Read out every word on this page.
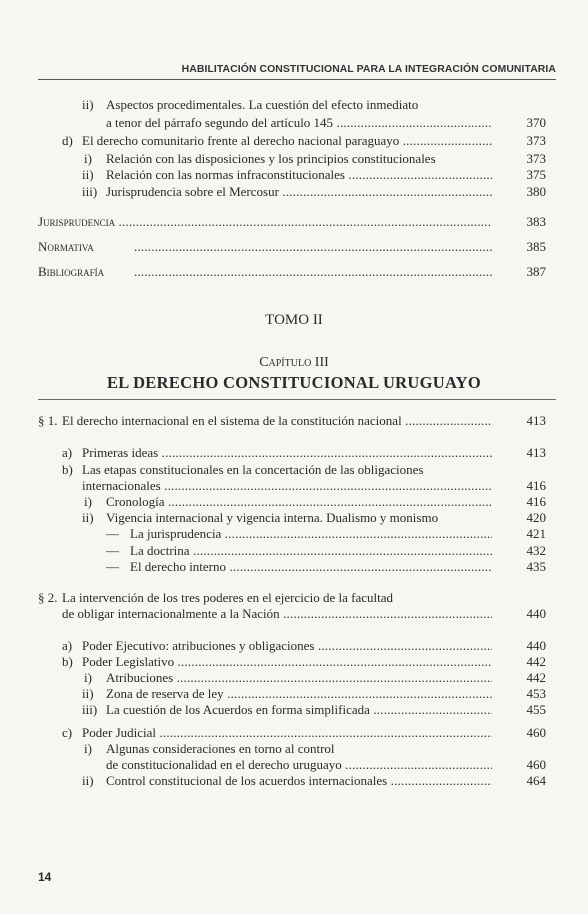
HABILITACIÓN CONSTITUCIONAL PARA LA INTEGRACIÓN COMUNITARIA
ii) Aspectos procedimentales. La cuestión del efecto inmediato
a tenor del párrafo segundo del artículo 145 .....	370
d) El derecho comunitario frente al derecho nacional paraguayo .....	373
i) Relación con las disposiciones y los principios constitucionales	373
ii) Relación con las normas infraconstitucionales .....	375
iii) Jurisprudencia sobre el Mercosur .....	380
Jurisprudencia .....	383
Normativa .....	385
Bibliografía .....	387
TOMO II
Capítulo III
EL DERECHO CONSTITUCIONAL URUGUAYO
§ 1. El derecho internacional en el sistema de la constitución nacional .....	413
a) Primeras ideas .....	413
b) Las etapas constitucionales en la concertación de las obligaciones
internacionales .....	416
i) Cronología .....	416
ii) Vigencia internacional y vigencia interna. Dualismo y monismo	420
— La jurisprudencia .....	421
— La doctrina .....	432
— El derecho interno .....	435
§ 2. La intervención de los tres poderes en el ejercicio de la facultad
de obligar internacionalmente a la Nación .....	440
a) Poder Ejecutivo: atribuciones y obligaciones .....	440
b) Poder Legislativo .....	442
i) Atribuciones .....	442
ii) Zona de reserva de ley .....	453
iii) La cuestión de los Acuerdos en forma simplificada .....	455
c) Poder Judicial .....	460
i) Algunas consideraciones en torno al control
de constitucionalidad en el derecho uruguayo .....	460
ii) Control constitucional de los acuerdos internacionales .....	464
14
